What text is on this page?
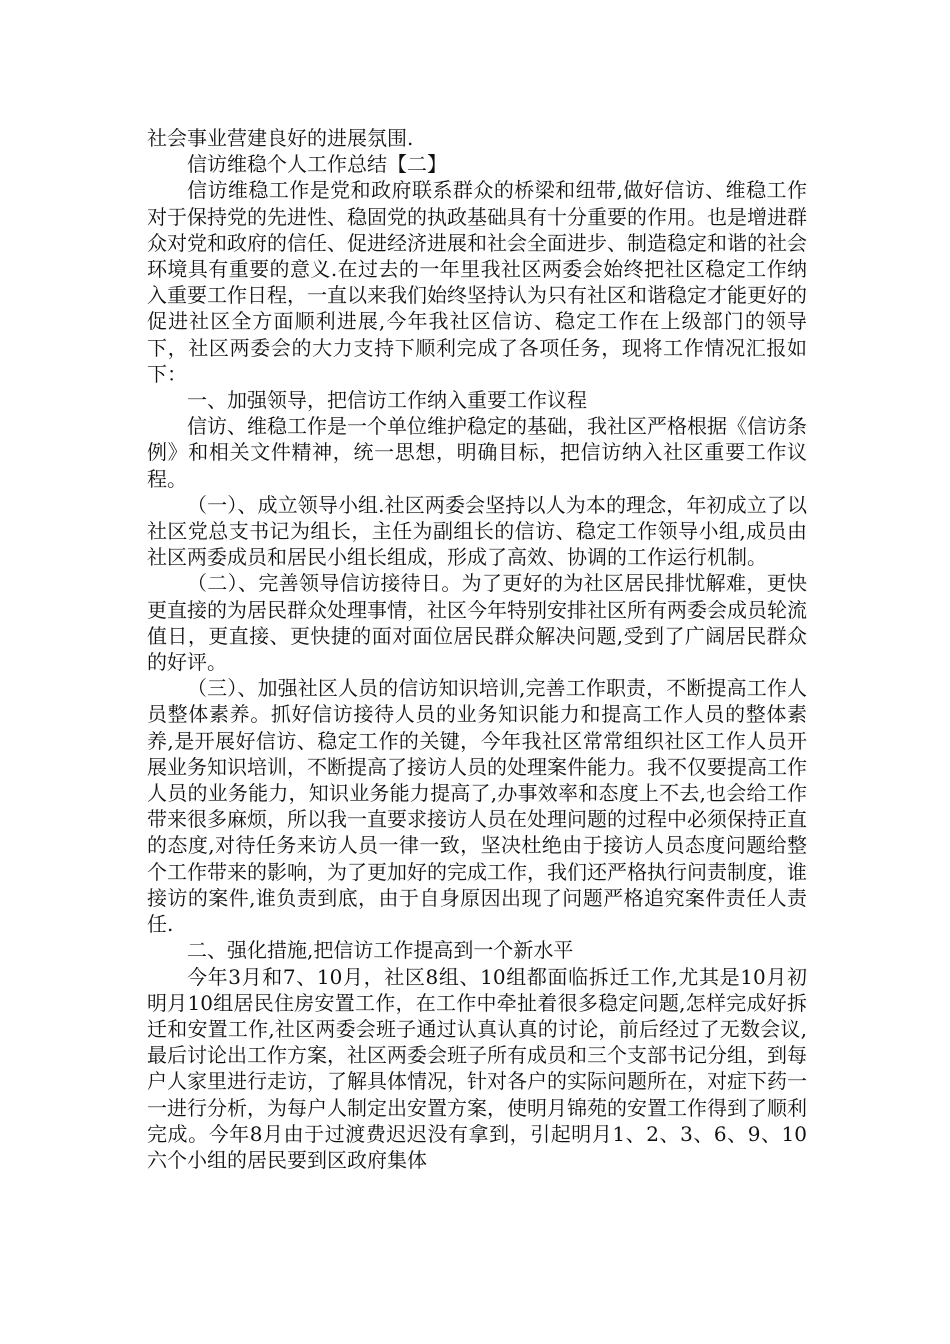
社会事业营建良好的进展氛围.

信访维稳个人工作总结【二】

信访维稳工作是党和政府联系群众的桥梁和纽带,做好信访、维稳工作对于保持党的先进性、稳固党的执政基础具有十分重要的作用。也是增进群众对党和政府的信任、促进经济进展和社会全面进步、制造稳定和谐的社会环境具有重要的意义.在过去的一年里我社区两委会始终把社区稳定工作纳入重要工作日程，一直以来我们始终坚持认为只有社区和谐稳定才能更好的促进社区全方面顺利进展,今年我社区信访、稳定工作在上级部门的领导下，社区两委会的大力支持下顺利完成了各项任务，现将工作情况汇报如下：

一、加强领导，把信访工作纳入重要工作议程

信访、维稳工作是一个单位维护稳定的基础，我社区严格根据《信访条例》和相关文件精神，统一思想，明确目标，把信访纳入社区重要工作议程。

（一）、成立领导小组.社区两委会坚持以人为本的理念，年初成立了以社区党总支书记为组长，主任为副组长的信访、稳定工作领导小组,成员由社区两委成员和居民小组长组成，形成了高效、协调的工作运行机制。

（二）、完善领导信访接待日。为了更好的为社区居民排忧解难，更快更直接的为居民群众处理事情，社区今年特别安排社区所有两委会成员轮流值日，更直接、更快捷的面对面位居民群众解决问题,受到了广阔居民群众的好评。

（三）、加强社区人员的信访知识培训,完善工作职责，不断提高工作人员整体素养。抓好信访接待人员的业务知识能力和提高工作人员的整体素养,是开展好信访、稳定工作的关键，今年我社区常常组织社区工作人员开展业务知识培训，不断提高了接访人员的处理案件能力。我不仅要提高工作人员的业务能力，知识业务能力提高了,办事效率和态度上不去,也会给工作带来很多麻烦，所以我一直要求接访人员在处理问题的过程中必须保持正直的态度,对待任务来访人员一律一致，坚决杜绝由于接访人员态度问题给整个工作带来的影响，为了更加好的完成工作，我们还严格执行问责制度，谁接访的案件,谁负责到底，由于自身原因出现了问题严格追究案件责任人责任.

二、强化措施,把信访工作提高到一个新水平

今年3月和7、10月，社区8组、10组都面临拆迁工作,尤其是10月初明月10组居民住房安置工作，在工作中牵扯着很多稳定问题,怎样完成好拆迁和安置工作,社区两委会班子通过认真认真的讨论，前后经过了无数会议,最后讨论出工作方案，社区两委会班子所有成员和三个支部书记分组，到每户人家里进行走访，了解具体情况，针对各户的实际问题所在，对症下药一一进行分析，为每户人制定出安置方案，使明月锦苑的安置工作得到了顺利完成。今年8月由于过渡费迟迟没有拿到，引起明月1、2、3、6、9、10六个小组的居民要到区政府集体
